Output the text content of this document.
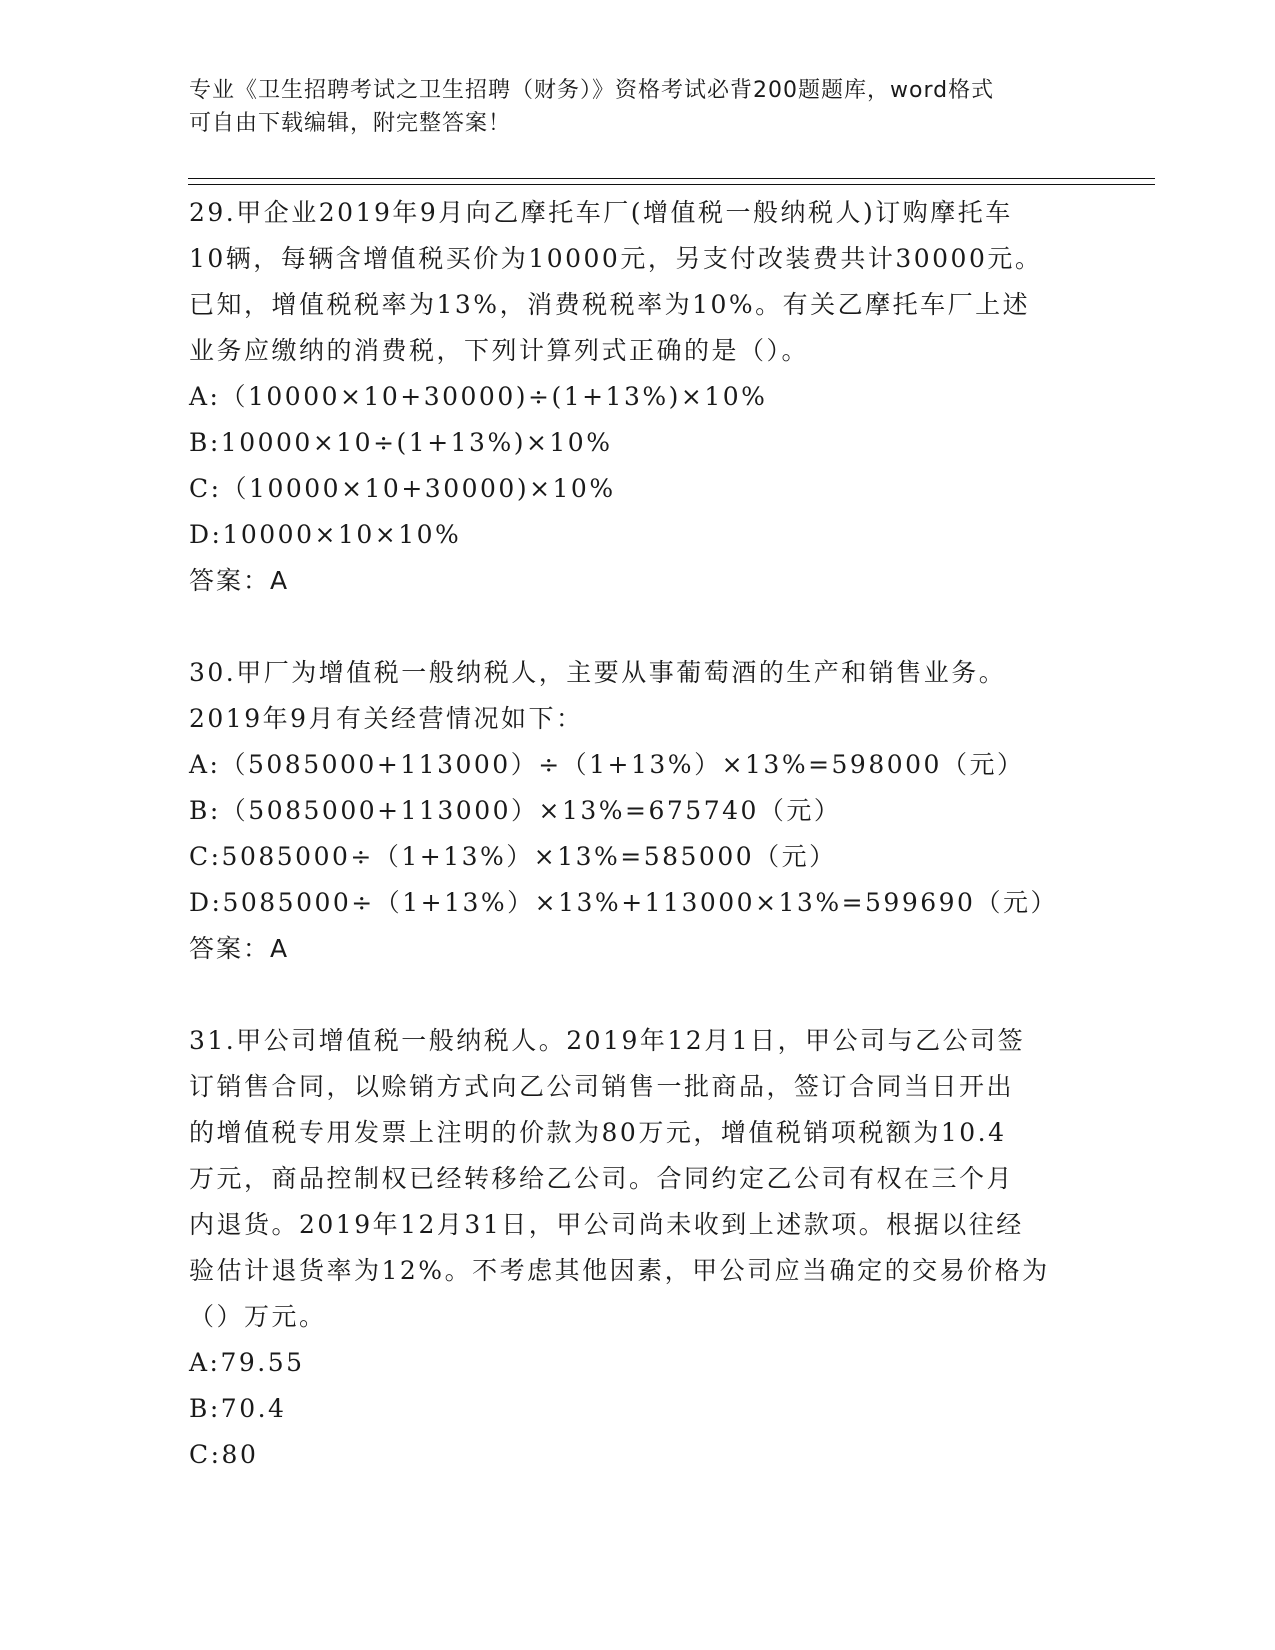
专业《卫生招聘考试之卫生招聘（财务）》资格考试必背200题题库，word格式
可自由下载编辑，附完整答案！
29.甲企业2019年9月向乙摩托车厂(增值税一般纳税人)订购摩托车
10辆，每辆含增值税买价为10000元，另支付改装费共计30000元。
已知，增值税税率为13%，消费税税率为10%。有关乙摩托车厂上述
业务应缴纳的消费税，下列计算列式正确的是（）。
A:（10000×10+30000)÷(1+13%)×10%
B:10000×10÷(1+13%)×10%
C:（10000×10+30000)×10%
D:10000×10×10%
答案：A
30.甲厂为增值税一般纳税人，主要从事葡萄酒的生产和销售业务。
2019年9月有关经营情况如下：
A:（5085000+113000）÷（1+13%）×13%=598000（元）
B:（5085000+113000）×13%=675740（元）
C:5085000÷（1+13%）×13%=585000（元）
D:5085000÷（1+13%）×13%+113000×13%=599690（元）
答案：A
31.甲公司增值税一般纳税人。2019年12月1日，甲公司与乙公司签
订销售合同，以赊销方式向乙公司销售一批商品，签订合同当日开出
的增值税专用发票上注明的价款为80万元，增值税销项税额为10.4
万元，商品控制权已经转移给乙公司。合同约定乙公司有权在三个月
内退货。2019年12月31日，甲公司尚未收到上述款项。根据以往经
验估计退货率为12%。不考虑其他因素，甲公司应当确定的交易价格为
（）万元。
A:79.55
B:70.4
C:80
